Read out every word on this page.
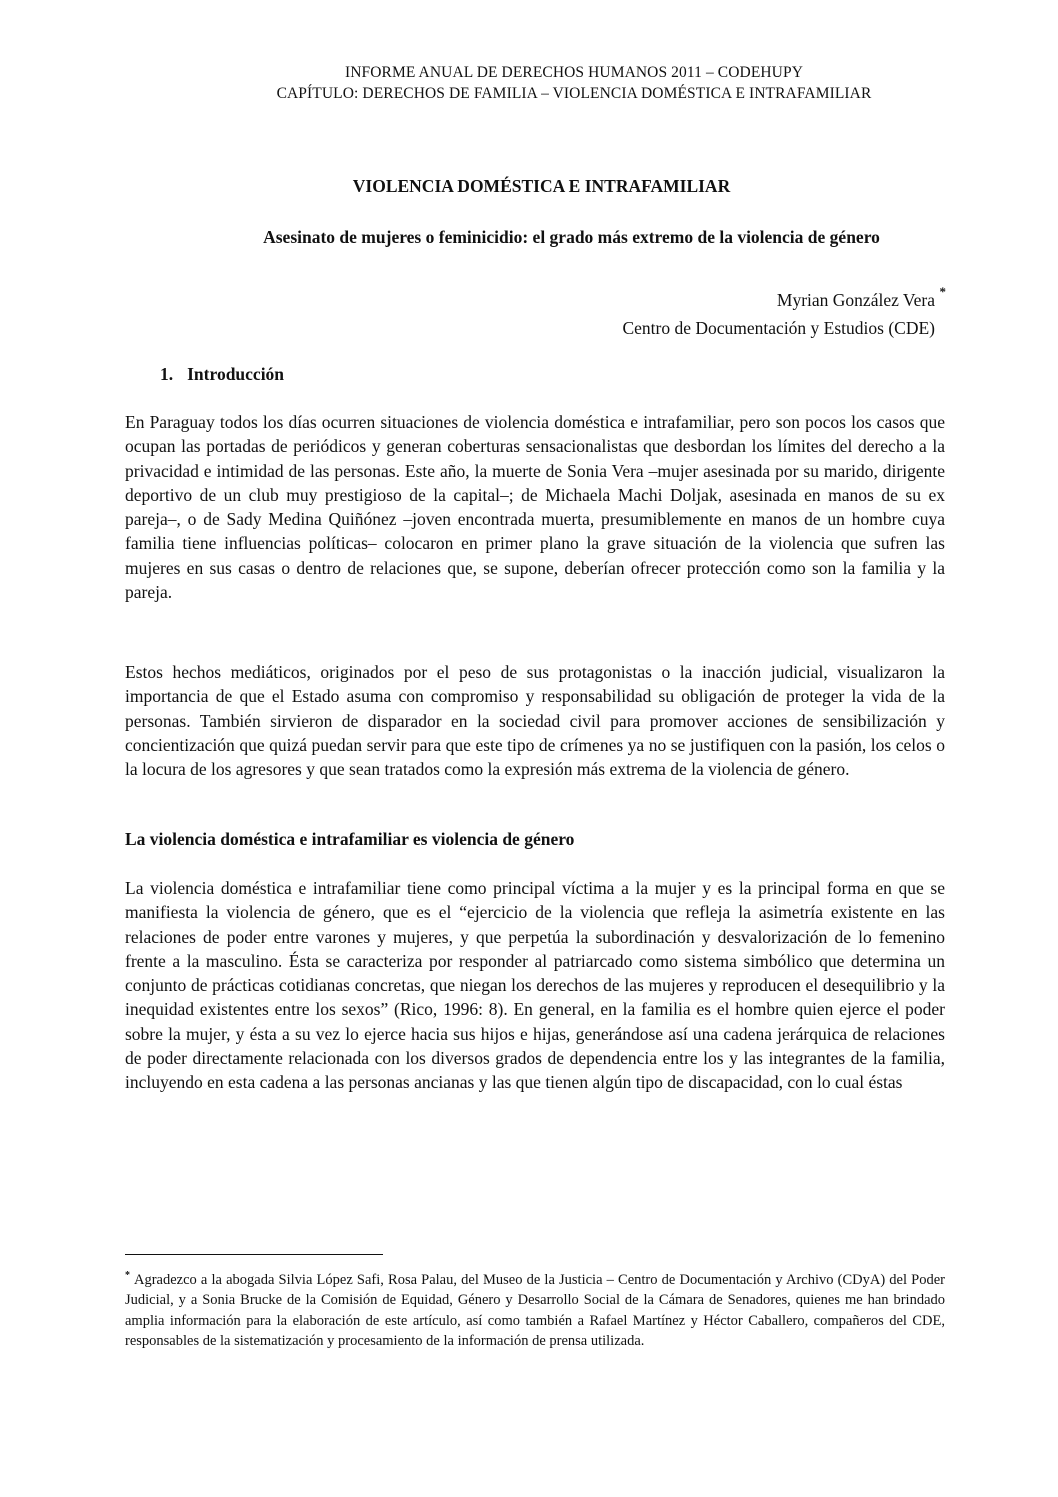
INFORME ANUAL DE DERECHOS HUMANOS 2011 – CODEHUPY
CAPÍTULO: DERECHOS DE FAMILIA – VIOLENCIA DOMÉSTICA E INTRAFAMILIAR
VIOLENCIA DOMÉSTICA E INTRAFAMILIAR
Asesinato de mujeres o feminicidio: el grado más extremo de la violencia de género
Myrian González Vera *
Centro de Documentación y Estudios (CDE)
1. Introducción
En Paraguay todos los días ocurren situaciones de violencia doméstica e intrafamiliar, pero son pocos los casos que ocupan las portadas de periódicos y generan coberturas sensacionalistas que desbordan los límites del derecho a la privacidad e intimidad de las personas. Este año, la muerte de Sonia Vera –mujer asesinada por su marido, dirigente deportivo de un club muy prestigioso de la capital–; de Michaela Machi Doljak, asesinada en manos de su ex pareja–, o de Sady Medina Quiñónez –joven encontrada muerta, presumiblemente en manos de un hombre cuya familia tiene influencias políticas– colocaron en primer plano la grave situación de la violencia que sufren las mujeres en sus casas o dentro de relaciones que, se supone, deberían ofrecer protección como son la familia y la pareja.
Estos hechos mediáticos, originados por el peso de sus protagonistas o la inacción judicial, visualizaron la importancia de que el Estado asuma con compromiso y responsabilidad su obligación de proteger la vida de la personas. También sirvieron de disparador en la sociedad civil para promover acciones de sensibilización y concientización que quizá puedan servir para que este tipo de crímenes ya no se justifiquen con la pasión, los celos o la locura de los agresores y que sean tratados como la expresión más extrema de la violencia de género.
La violencia doméstica e intrafamiliar es violencia de género
La violencia doméstica e intrafamiliar tiene como principal víctima a la mujer y es la principal forma en que se manifiesta la violencia de género, que es el “ejercicio de la violencia que refleja la asimetría existente en las relaciones de poder entre varones y mujeres, y que perpetúa la subordinación y desvalorización de lo femenino frente a la masculino. Ésta se caracteriza por responder al patriarcado como sistema simbólico que determina un conjunto de prácticas cotidianas concretas, que niegan los derechos de las mujeres y reproducen el desequilibrio y la inequidad existentes entre los sexos” (Rico, 1996: 8). En general, en la familia es el hombre quien ejerce el poder sobre la mujer, y ésta a su vez lo ejerce hacia sus hijos e hijas, generándose así una cadena jerárquica de relaciones de poder directamente relacionada con los diversos grados de dependencia entre los y las integrantes de la familia, incluyendo en esta cadena a las personas ancianas y las que tienen algún tipo de discapacidad, con lo cual éstas
* Agradezco a la abogada Silvia López Safi, Rosa Palau, del Museo de la Justicia – Centro de Documentación y Archivo (CDyA) del Poder Judicial, y a Sonia Brucke de la Comisión de Equidad, Género y Desarrollo Social de la Cámara de Senadores, quienes me han brindado amplia información para la elaboración de este artículo, así como también a Rafael Martínez y Héctor Caballero, compañeros del CDE, responsables de la sistematización y procesamiento de la información de prensa utilizada.
